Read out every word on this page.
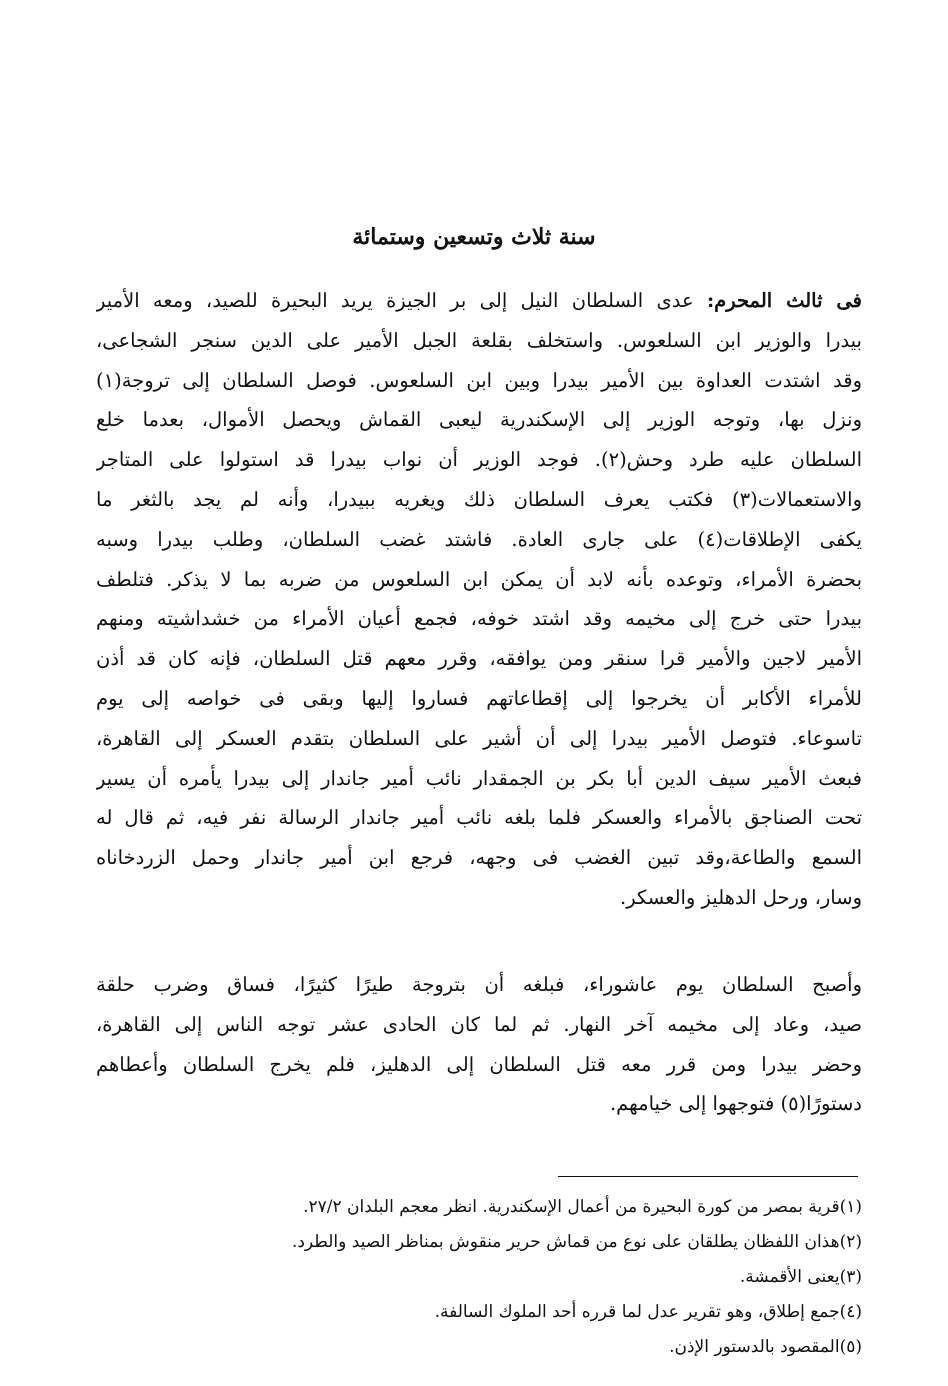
سنة ثلاث وتسعين وستمائة
فى ثالث المحرم: عدى السلطان النيل إلى بر الجيزة يريد البحيرة للصيد، ومعه الأمير
بيدرا والوزير ابن السلعوس. واستخلف بقلعة الجبل الأمير على الدين سنجر الشجاعى،
وقد اشتدت العداوة بين الأمير بيدرا وبين ابن السلعوس. فوصل السلطان إلى تروجة(١)
ونزل بها، وتوجه الوزير إلى الإسكندرية ليعبى القماش ويحصل الأموال، بعدما خلع
السلطان عليه طرد وحش(٢). فوجد الوزير أن نواب بيدرا قد استولوا على المتاجر
والاستعمالات(٣) فكتب يعرف السلطان ذلك ويغريه ببيدرا، وأنه لم يجد بالثغر ما
يكفى الإطلاقات(٤) على جارى العادة. فاشتد غضب السلطان، وطلب بيدرا وسبه
بحضرة الأمراء، وتوعده بأنه لابد أن يمكن ابن السلعوس من ضربه بما لا يذكر. فتلطف
بيدرا حتى خرج إلى مخيمه وقد اشتد خوفه، فجمع أعيان الأمراء من خشداشيته ومنهم
الأمير لاجين والأمير قرا سنقر ومن يوافقه، وقرر معهم قتل السلطان، فإنه كان قد أذن
للأمراء الأكابر أن يخرجوا إلى إقطاعاتهم فساروا إليها وبقى فى خواصه إلى يوم
تاسوعاء. فتوصل الأمير بيدرا إلى أن أشير على السلطان بتقدم العسكر إلى القاهرة،
فبعث الأمير سيف الدين أبا بكر بن الجمقدار نائب أمير جاندار إلى بيدرا يأمره أن يسير
تحت الصناجق بالأمراء والعسكر فلما بلغه نائب أمير جاندار الرسالة نفر فيه، ثم قال له
السمع والطاعة،وقد تبين الغضب فى وجهه، فرجع ابن أمير جاندار وحمل الزردخاناه
وسار، ورحل الدهليز والعسكر.
وأصبح السلطان يوم عاشوراء، فبلغه أن بتروجة طيرًا كثيرًا، فساق وضرب حلقة
صيد، وعاد إلى مخيمه آخر النهار. ثم لما كان الحادى عشر توجه الناس إلى القاهرة،
وحضر بيدرا ومن قرر معه قتل السلطان إلى الدهليز، فلم يخرج السلطان وأعطاهم
دستورًا(٥) فتوجهوا إلى خيامهم.
(١)قرية بمصر من كورة البحيرة من أعمال الإسكندرية. انظر معجم البلدان ٢٧/٢.
(٢)هذان اللفظان يطلقان على نوع من قماش حرير منقوش بمناظر الصيد والطرد.
(٣)يعنى الأقمشة.
(٤)جمع إطلاق، وهو تقرير عدل لما قرره أحد الملوك السالفة.
(٥)المقصود بالدستور الإذن.
